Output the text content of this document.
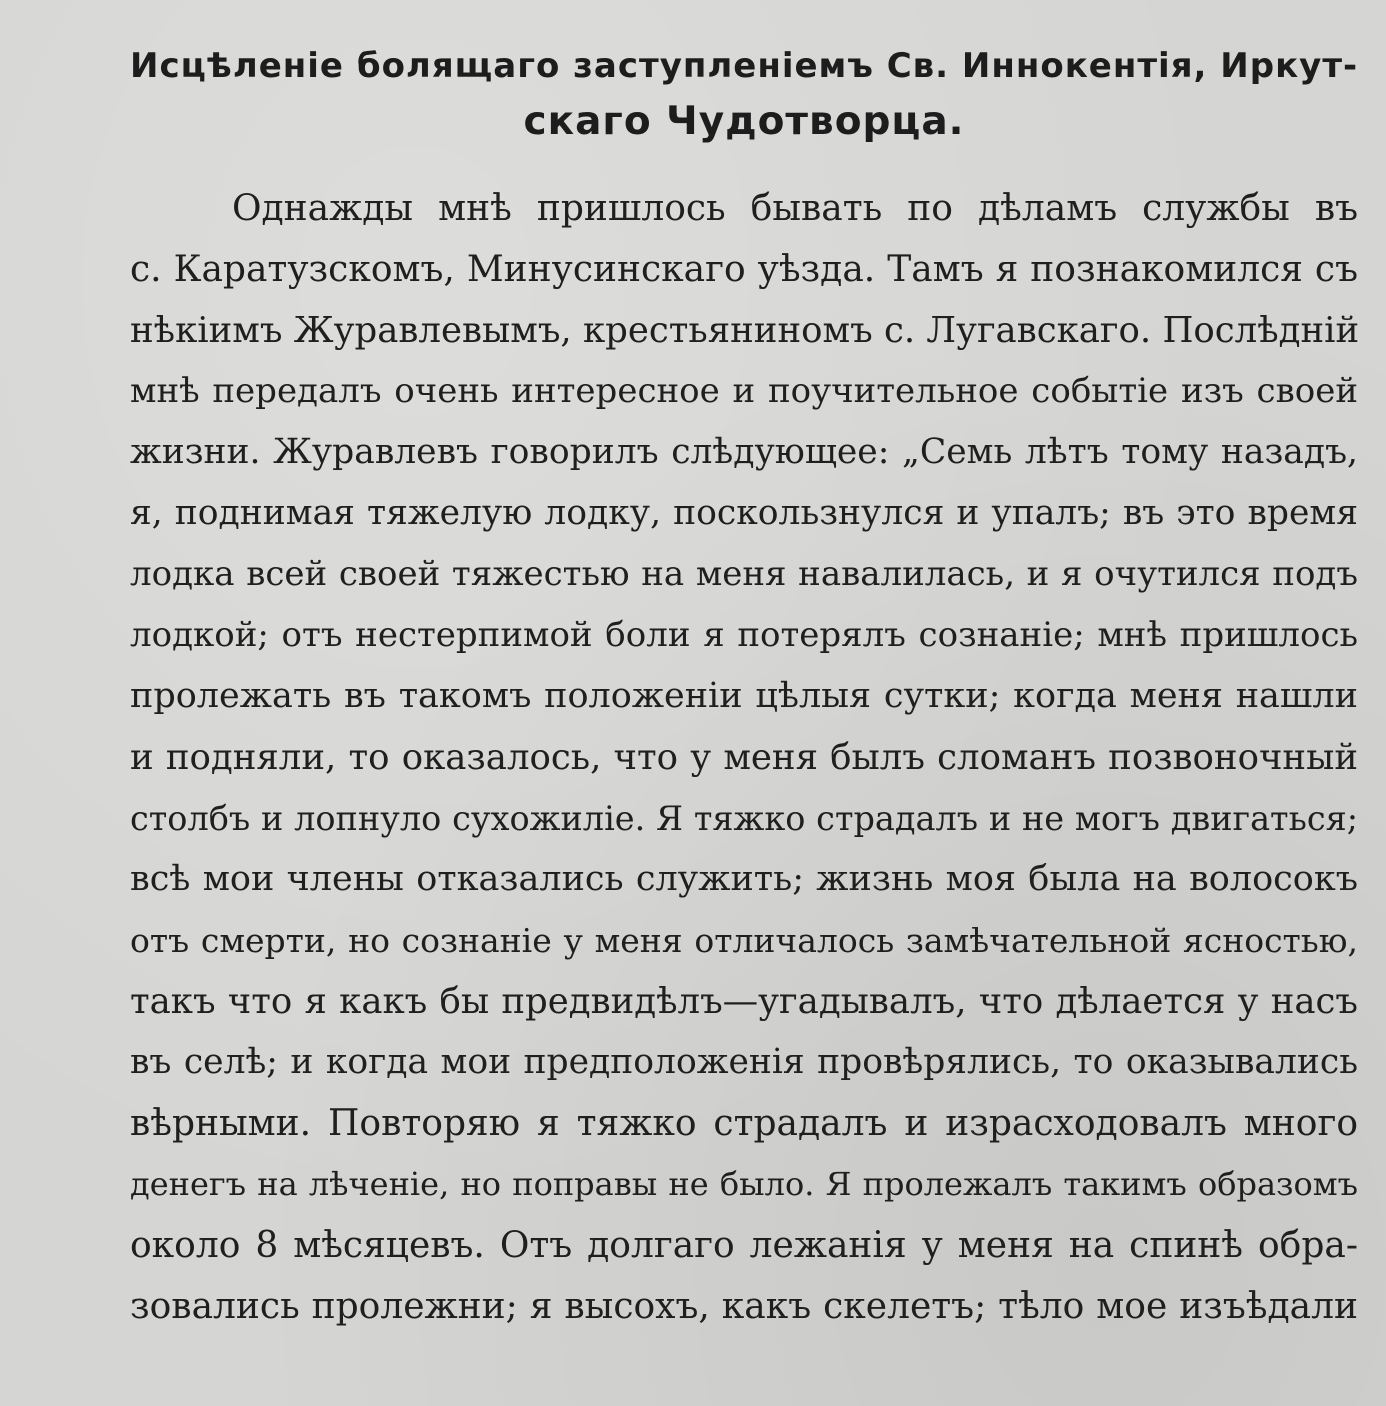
Исцѣленіе болящаго заступленіемъ Св. Иннокентія, Иркут-
скаго Чудотворца.
Однажды мнѣ пришлось бывать по дѣламъ службы въ
с. Каратузскомъ, Минусинскаго уѣзда. Тамъ я познакомился съ
нѣкіимъ Журавлевымъ, крестьяниномъ с. Лугавскаго. Послѣдній
мнѣ передалъ очень интересное и поучительное событіе изъ своей
жизни. Журавлевъ говорилъ слѣдующее: „Семь лѣтъ тому назадъ,
я, поднимая тяжелую лодку, поскользнулся и упалъ; въ это время
лодка всей своей тяжестью на меня навалилась, и я очутился подъ
лодкой; отъ нестерпимой боли я потерялъ сознаніе; мнѣ пришлось
пролежать въ такомъ положеніи цѣлыя сутки; когда меня нашли
и подняли, то оказалось, что у меня былъ сломанъ позвоночный
столбъ и лопнуло сухожиліе. Я тяжко страдалъ и не могъ двигаться;
всѣ мои члены отказались служить; жизнь моя была на волосокъ
отъ смерти, но сознаніе у меня отличалось замѣчательной ясностью,
такъ что я какъ бы предвидѣлъ—угадывалъ, что дѣлается у насъ
въ селѣ; и когда мои предположенія провѣрялись, то оказывались
вѣрными. Повторяю я тяжко страдалъ и израсходовалъ много
денегъ на лѣченіе, но поправы не было. Я пролежалъ такимъ образомъ
около 8 мѣсяцевъ. Отъ долгаго лежанія у меня на спинѣ обра-
зовались пролежни; я высохъ, какъ скелетъ; тѣло мое изъѣдали
